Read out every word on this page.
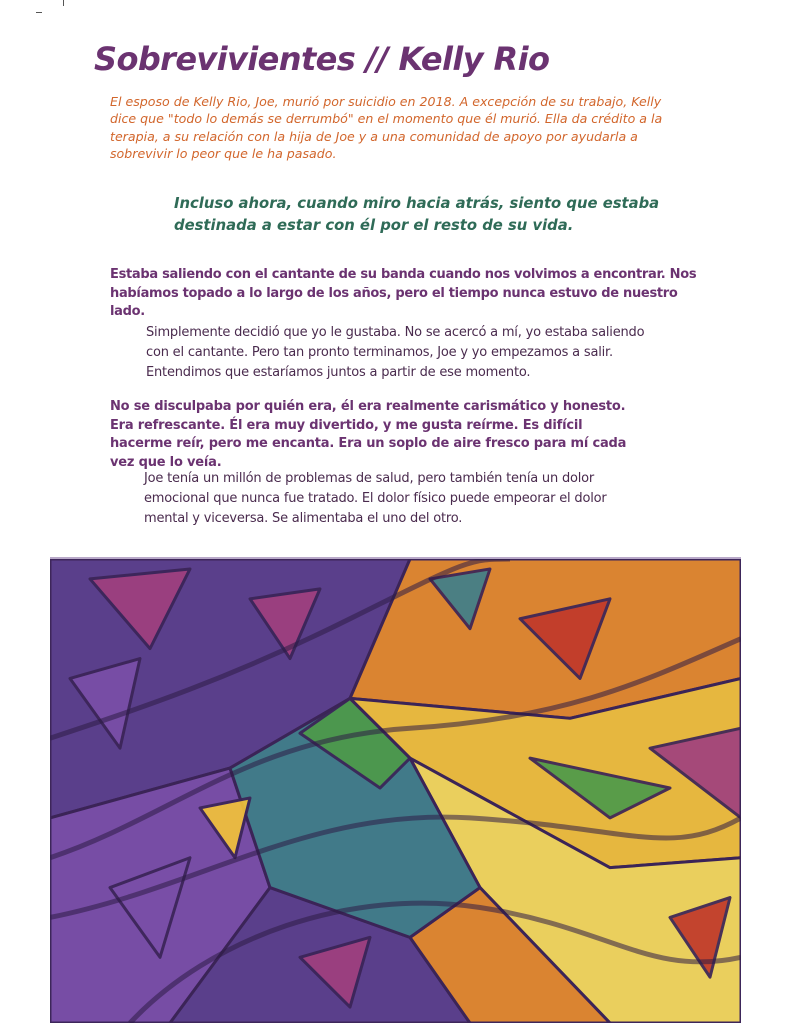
Sobrevivientes // Kelly Rio

El esposo de Kelly Rio, Joe, murió por suicidio en 2018. A excepción de su trabajo, Kelly dice que "todo lo demás se derrumbó" en el momento que él murió. Ella da crédito a la terapia, a su relación con la hija de Joe y a una comunidad de apoyo por ayudarla a sobrevivir lo peor que le ha pasado.

Incluso ahora, cuando miro hacia atrás, siento que estaba destinada a estar con él por el resto de su vida.

Estaba saliendo con el cantante de su banda cuando nos volvimos a encontrar. Nos habíamos topado a lo largo de los años, pero el tiempo nunca estuvo de nuestro lado.

Simplemente decidió que yo le gustaba. No se acercó a mí, yo estaba saliendo con el cantante. Pero tan pronto terminamos, Joe y yo empezamos a salir. Entendimos que estaríamos juntos a partir de ese momento.

No se disculpaba por quién era, él era realmente carismático y honesto. Era refrescante. Él era muy divertido, y me gusta reírme. Es difícil hacerme reír, pero me encanta. Era un soplo de aire fresco para mí cada vez que lo veía.

Joe tenía un millón de problemas de salud, pero también tenía un dolor emocional que nunca fue tratado. El dolor físico puede empeorar el dolor mental y viceversa. Se alimentaba el uno del otro.
